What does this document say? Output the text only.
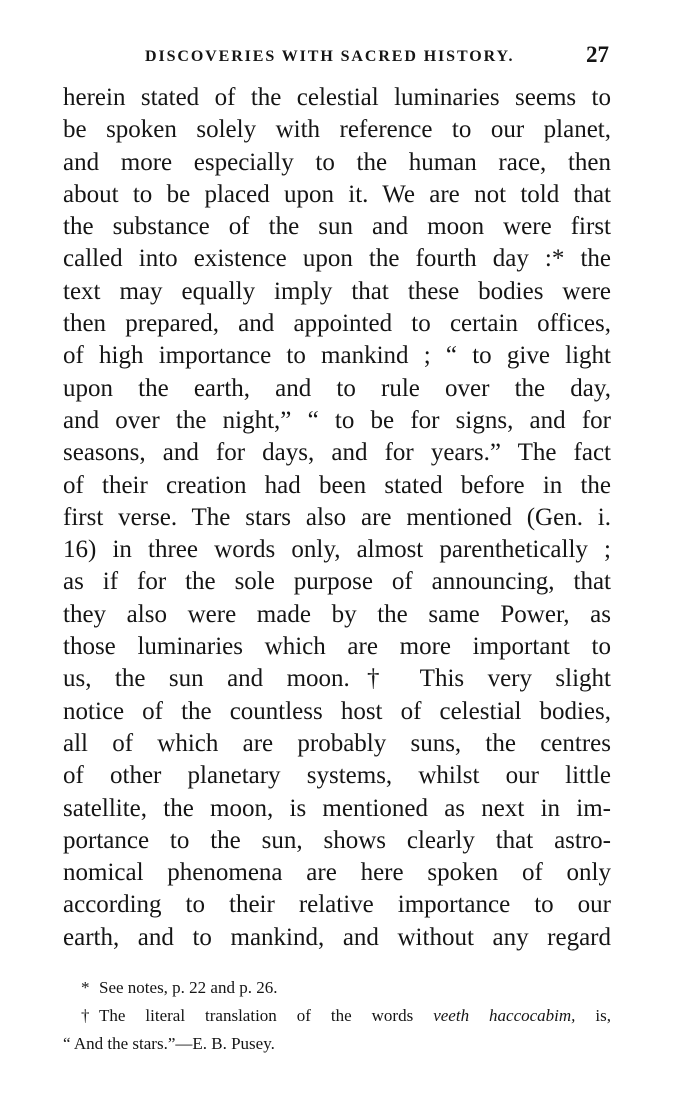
DISCOVERIES WITH SACRED HISTORY.	27
herein stated of the celestial luminaries seems to
be spoken solely with reference to our planet,
and more especially to the human race, then
about to be placed upon it. We are not told that
the substance of the sun and moon were first
called into existence upon the fourth day :* the
text may equally imply that these bodies were
then prepared, and appointed to certain offices,
of high importance to mankind ; “ to give light
upon the earth, and to rule over the day,
and over the night,” “ to be for signs, and for
seasons, and for days, and for years.” The fact
of their creation had been stated before in the
first verse. The stars also are mentioned (Gen. i.
16) in three words only, almost parenthetically ;
as if for the sole purpose of announcing, that
they also were made by the same Power, as
those luminaries which are more important to
us, the sun and moon.† This very slight
notice of the countless host of celestial bodies,
all of which are probably suns, the centres
of other planetary systems, whilst our little
satellite, the moon, is mentioned as next in im-
portance to the sun, shows clearly that astro-
nomical phenomena are here spoken of only
according to their relative importance to our
earth, and to mankind, and without any regard
* See notes, p. 22 and p. 26.
† The literal translation of the words veeth haccocabim, is,
“ And the stars.”—E. B. Pusey.
